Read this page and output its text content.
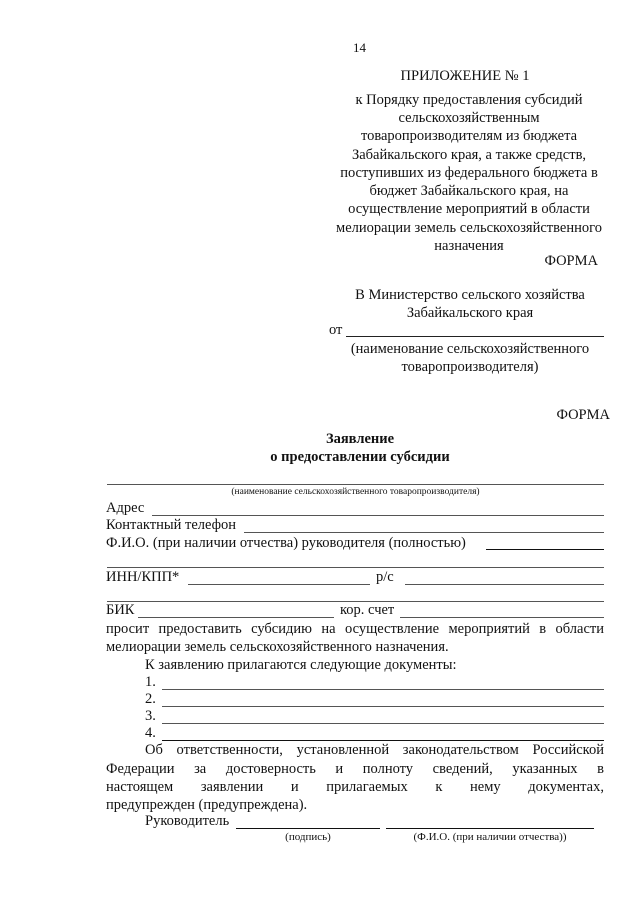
14
ПРИЛОЖЕНИЕ № 1
к Порядку предоставления субсидий
сельскохозяйственным
товаропроизводителям из бюджета
Забайкальского края, а также средств,
поступивших из федерального бюджета в
бюджет Забайкальского края, на
осуществление мероприятий в области
мелиорации земель сельскохозяйственного
назначения
ФОРМА
В Министерство сельского хозяйства
Забайкальского края
от
(наименование сельскохозяйственного
товаропроизводителя)
ФОРМА
Заявление
о предоставлении субсидии
(наименование сельскохозяйственного товаропроизводителя)
Адрес
Контактный телефон
Ф.И.О. (при наличии отчества) руководителя (полностью)
ИНН/КПП*	р/с
БИК	кор. счет
просит предоставить субсидию на осуществление мероприятий в области
мелиорации земель сельскохозяйственного назначения.
К заявлению прилагаются следующие документы:
1.
2.
3.
4.
Об ответственности, установленной законодательством Российской
Федерации за достоверность и полноту сведений, указанных в
настоящем заявлении и прилагаемых к нему документах,
предупрежден (предупреждена).
Руководитель
(подпись)	(Ф.И.О. (при наличии отчества))
